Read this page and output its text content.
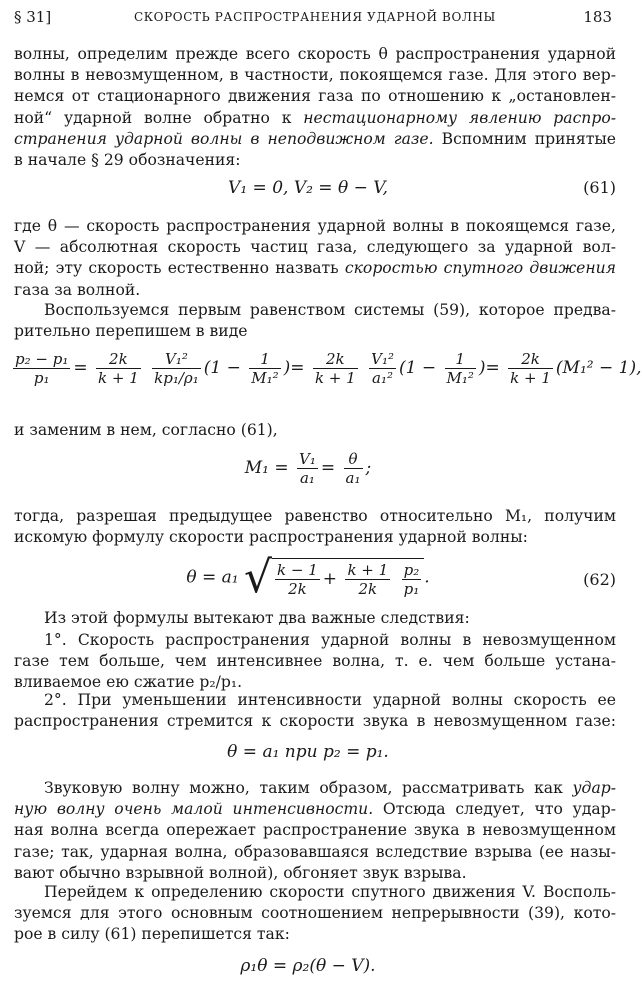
§ 31]	СКОРОСТЬ РАСПРОСТРАНЕНИЯ УДАРНОЙ ВОЛНЫ	183
волны, определим прежде всего скорость θ распространения ударной
волны в невозмущенном, в частности, покоящемся газе. Для этого вер-
немся от стационарного движения газа по отношению к „остановлен-
ной“ ударной волне обратно к нестационарному явлению распро-
странения ударной волны в неподвижном газе. Вспомним принятые
в начале § 29 обозначения:
V₁ = 0, V₂ = θ − V,	(61)
где θ — скорость распространения ударной волны в покоящемся газе,
V — абсолютная скорость частиц газа, следующего за ударной вол-
ной; эту скорость естественно назвать скоростью спутного движения
газа за волной.
Воспользуемся первым равенством системы (59), которое предва-
рительно перепишем в виде
$\frac{\text{p₂ − p₁}}{\text{p₁}} = \frac{2k}{k + 1}$
$\frac{\text{V₁²}}{\text{kp₁/ρ₁}} (1 - \frac{1}{\text{M₁²}}$ )= $\frac{2k}{k + 1}$
$\frac{\text{V₁²}}{\text{a₁²}} (1 - \frac{1}{\text{M₁²}}$ )= $\frac{2k}{k + 1} (M_1^2 - 1)$,
и заменим в нем, согласно (61),
$M_1 = \frac{\text{V₁}}{\text{a₁}} = \frac{\theta}{\text{a₁}}$ ;
тогда, разрешая предыдущее равенство относительно M₁, получим
искомую формулу скорости распространения ударной волны:
θ = a₁ √ $\frac{k - 1}{2k} + \frac{k + 1}{2k}$
$\frac{\text{p₂}}{\text{p₁}}$ .	(62)
Из этой формулы вытекают два важные следствия:
1°. Скорость распространения ударной волны в невозмущенном
газе тем больше, чем интенсивнее волна, т. е. чем больше устана-
вливаемое ею сжатие p₂/p₁.
2°. При уменьшении интенсивности ударной волны скорость ее
распространения стремится к скорости звука в невозмущенном газе:
θ = a₁ при p₂ = p₁.
Звуковую волну можно, таким образом, рассматривать как удар-
ную волну очень малой интенсивности. Отсюда следует, что удар-
ная волна всегда опережает распространение звука в невозмущенном
газе; так, ударная волна, образовавшаяся вследствие взрыва (ее назы-
вают обычно взрывной волной), обгоняет звук взрыва.
Перейдем к определению скорости спутного движения V. Восполь-
зуемся для этого основным соотношением непрерывности (39), кото-
рое в силу (61) перепишется так:
ρ₁θ = ρ₂(θ − V).
